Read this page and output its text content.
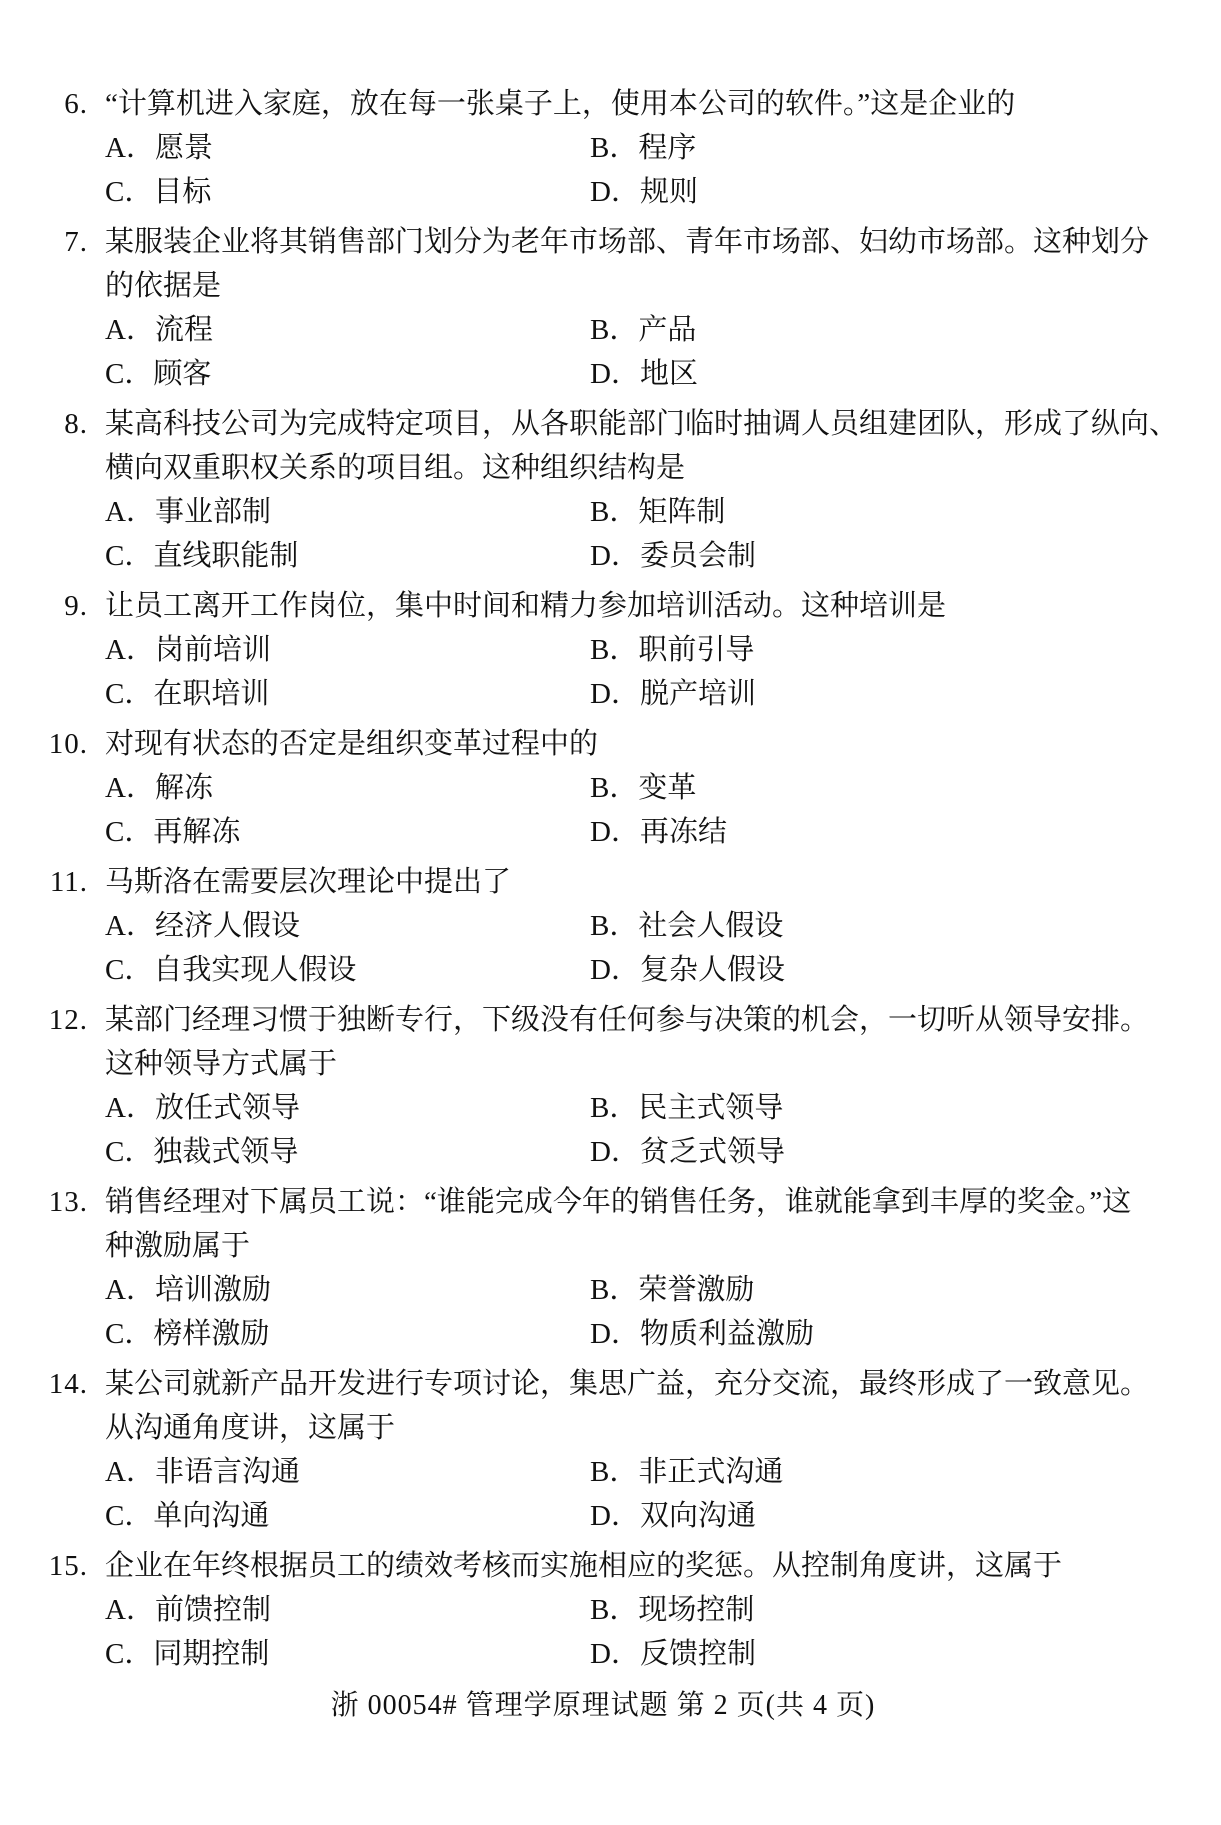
6. “计算机进入家庭，放在每一张桌子上，使用本公司的软件。”这是企业的
A．愿景	B．程序
C．目标	D．规则
7. 某服装企业将其销售部门划分为老年市场部、青年市场部、妇幼市场部。这种划分
的依据是
A．流程	B．产品
C．顾客	D．地区
8. 某高科技公司为完成特定项目，从各职能部门临时抽调人员组建团队，形成了纵向、
横向双重职权关系的项目组。这种组织结构是
A．事业部制	B．矩阵制
C．直线职能制	D．委员会制
9. 让员工离开工作岗位，集中时间和精力参加培训活动。这种培训是
A．岗前培训	B．职前引导
C．在职培训	D．脱产培训
10. 对现有状态的否定是组织变革过程中的
A．解冻	B．变革
C．再解冻	D．再冻结
11. 马斯洛在需要层次理论中提出了
A．经济人假设	B．社会人假设
C．自我实现人假设	D．复杂人假设
12. 某部门经理习惯于独断专行，下级没有任何参与决策的机会，一切听从领导安排。
这种领导方式属于
A．放任式领导	B．民主式领导
C．独裁式领导	D．贫乏式领导
13. 销售经理对下属员工说：“谁能完成今年的销售任务，谁就能拿到丰厚的奖金。”这
种激励属于
A．培训激励	B．荣誉激励
C．榜样激励	D．物质利益激励
14. 某公司就新产品开发进行专项讨论，集思广益，充分交流，最终形成了一致意见。
从沟通角度讲，这属于
A．非语言沟通	B．非正式沟通
C．单向沟通	D．双向沟通
15. 企业在年终根据员工的绩效考核而实施相应的奖惩。从控制角度讲，这属于
A．前馈控制	B．现场控制
C．同期控制	D．反馈控制
浙 00054# 管理学原理试题 第 2 页(共 4 页)
